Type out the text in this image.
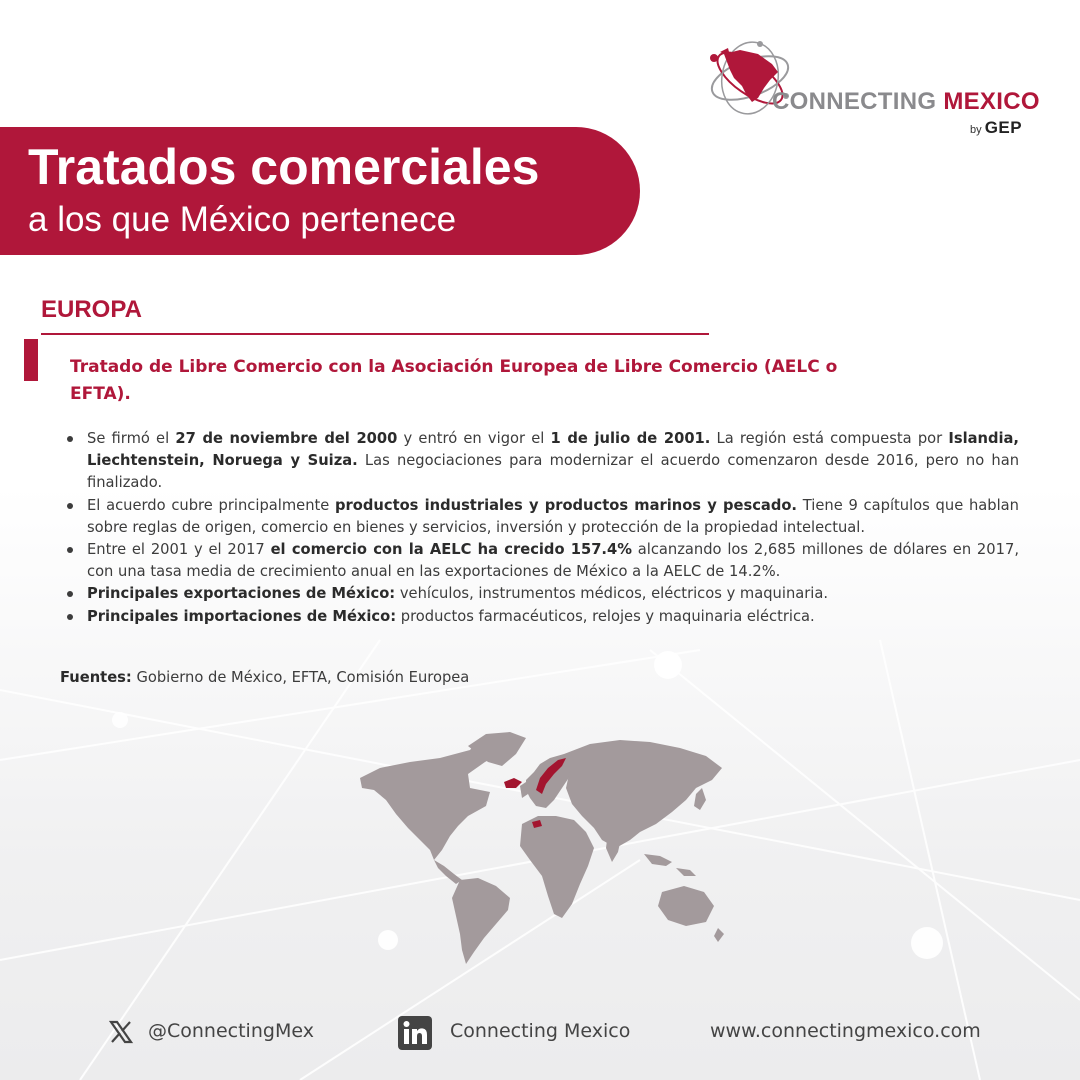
CONNECTING MEXICO
by GEP
Tratados comerciales
a los que México pertenece
EUROPA
Tratado de Libre Comercio con la Asociación Europea de Libre Comercio (AELC o EFTA).
Se firmó el 27 de noviembre del 2000 y entró en vigor el 1 de julio de 2001. La región está compuesta por Islandia, Liechtenstein, Noruega y Suiza. Las negociaciones para modernizar el acuerdo comenzaron desde 2016, pero no han finalizado.
El acuerdo cubre principalmente productos industriales y productos marinos y pescado. Tiene 9 capítulos que hablan sobre reglas de origen, comercio en bienes y servicios, inversión y protección de la propiedad intelectual.
Entre el 2001 y el 2017 el comercio con la AELC ha crecido 157.4% alcanzando los 2,685 millones de dólares en 2017, con una tasa media de crecimiento anual en las exportaciones de México a la AELC de 14.2%.
Principales exportaciones de México: vehículos, instrumentos médicos, eléctricos y maquinaria.
Principales importaciones de México: productos farmacéuticos, relojes y maquinaria eléctrica.
Fuentes: Gobierno de México, EFTA, Comisión Europea
@ConnectingMex	Connecting Mexico	www.connectingmexico.com
